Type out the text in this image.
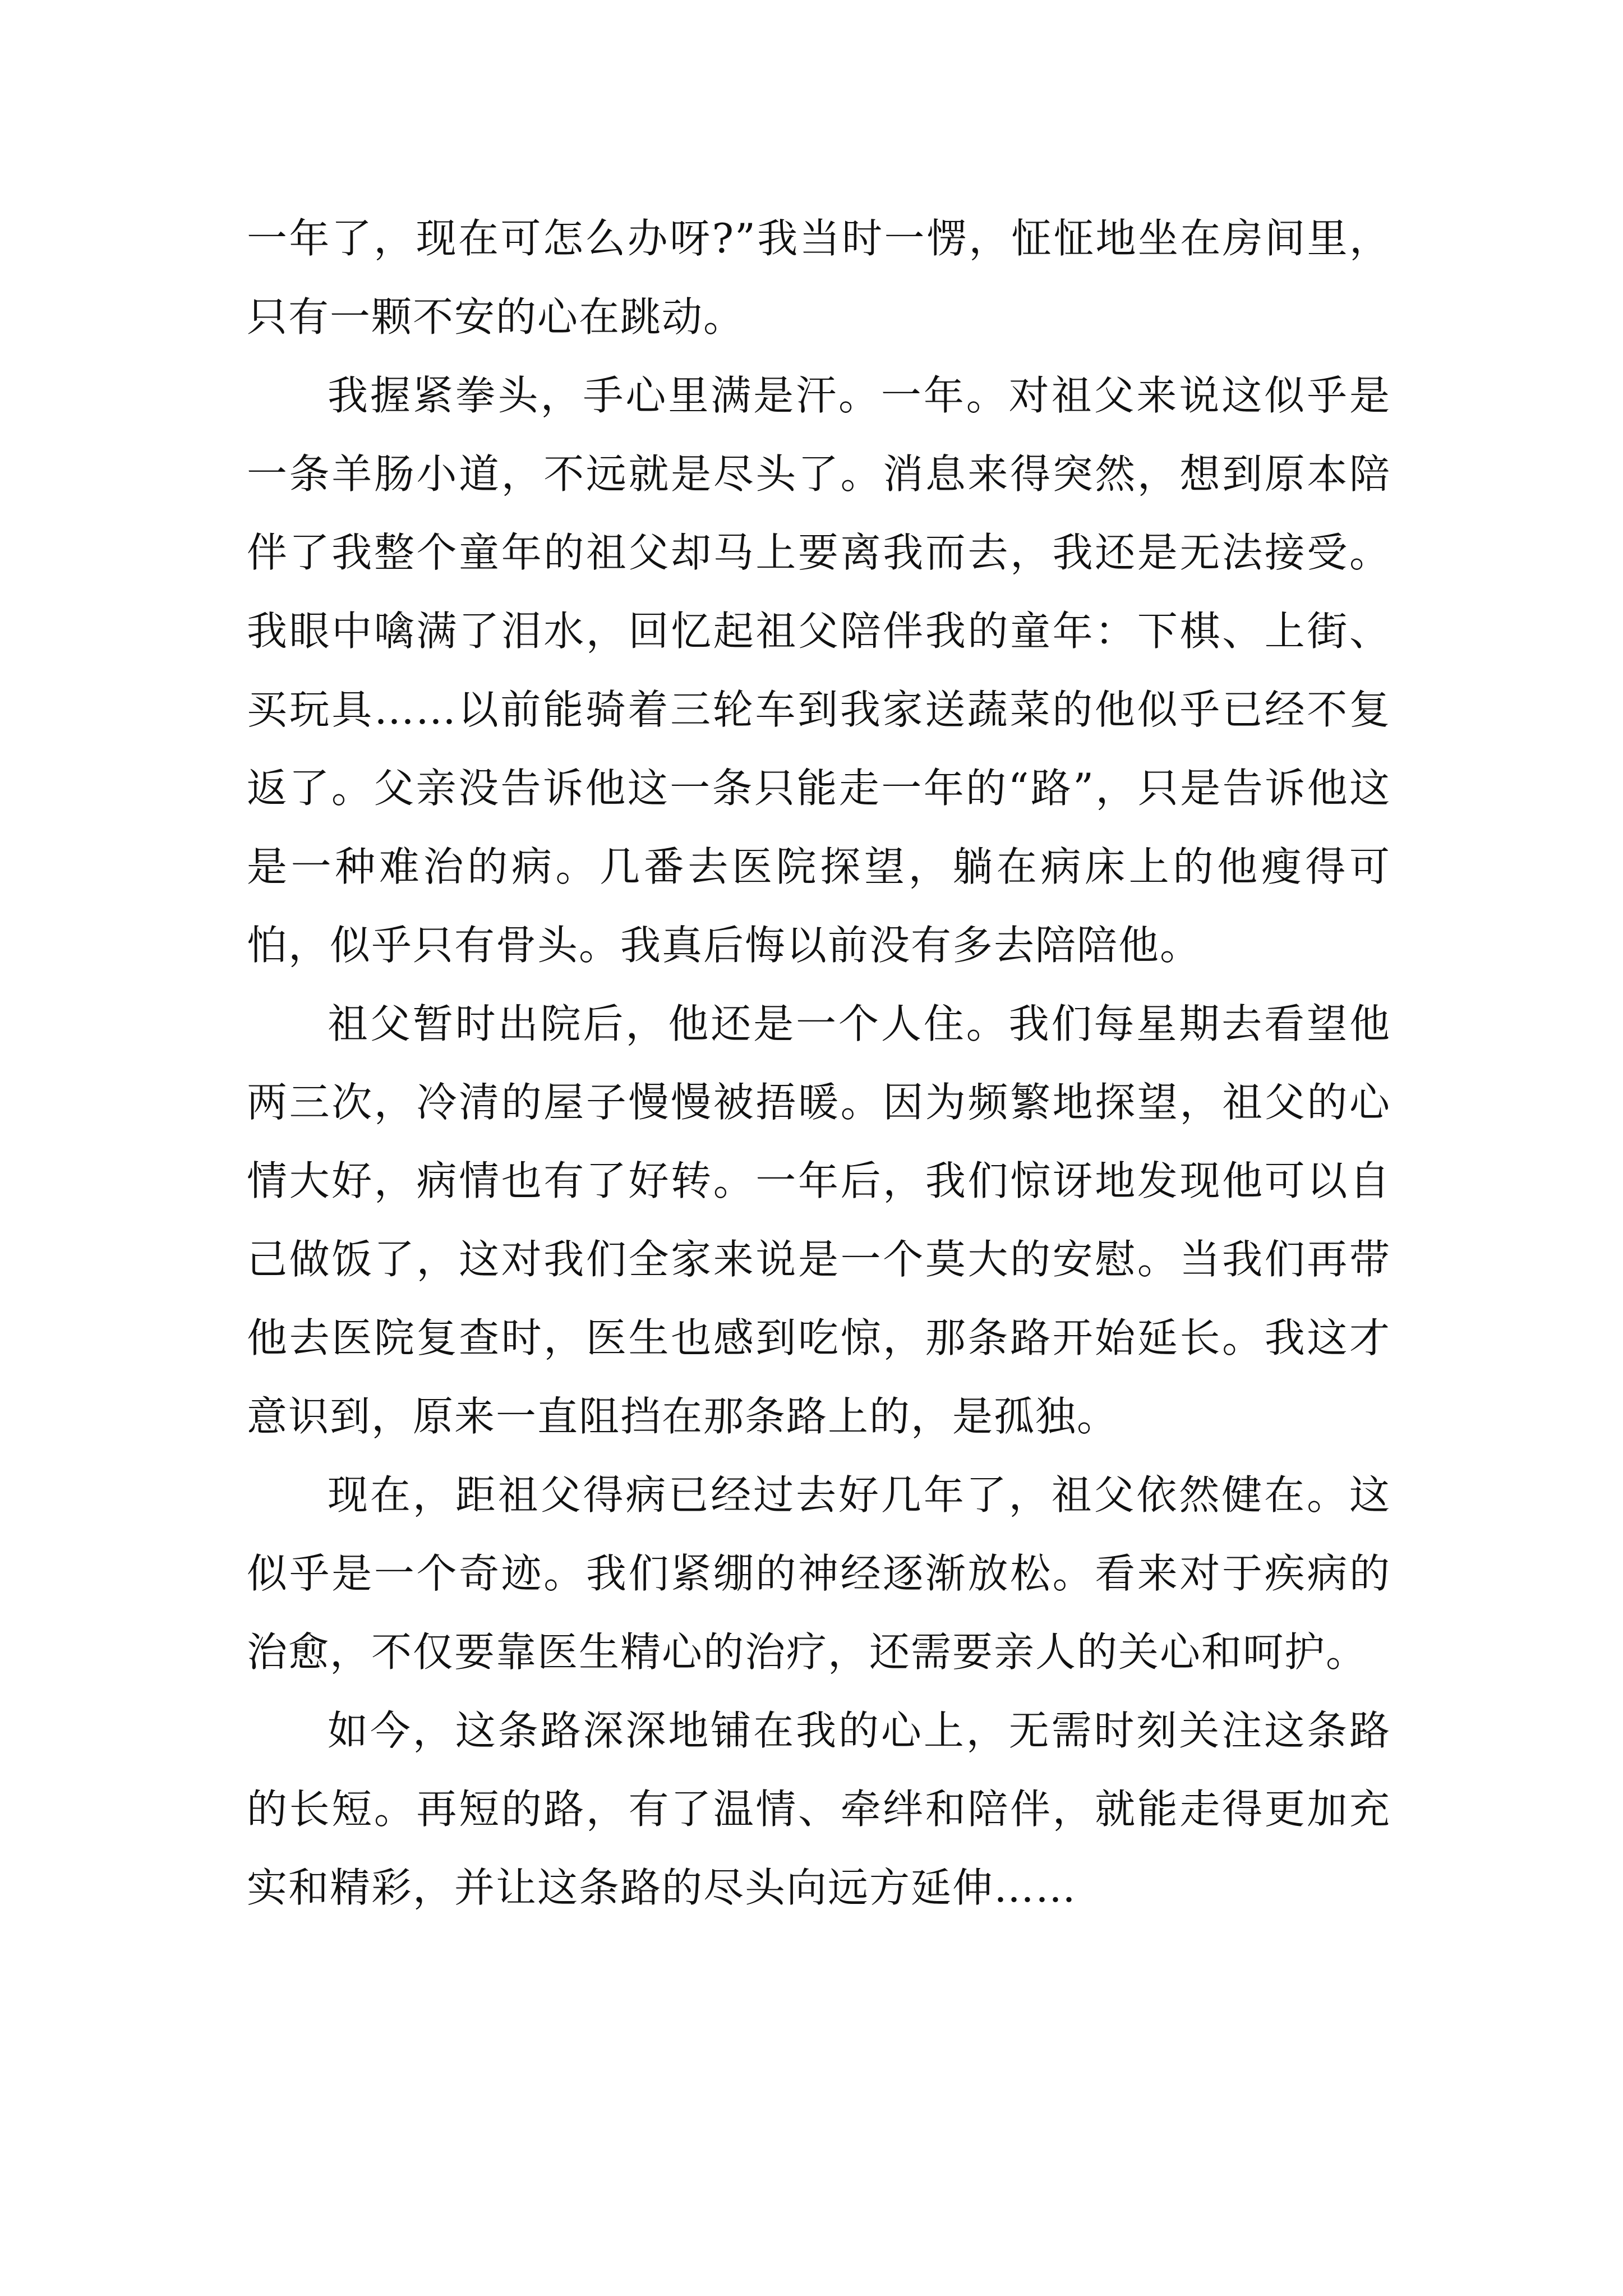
一年了，现在可怎么办呀?”我当时一愣，怔怔地坐在房间里，只有一颗不安的心在跳动。

我握紧拳头，手心里满是汗。一年。对祖父来说这似乎是一条羊肠小道，不远就是尽头了。消息来得突然，想到原本陪伴了我整个童年的祖父却马上要离我而去，我还是无法接受。我眼中噙满了泪水，回忆起祖父陪伴我的童年：下棋、上街、买玩具……以前能骑着三轮车到我家送蔬菜的他似乎已经不复返了。父亲没告诉他这一条只能走一年的“路”，只是告诉他这是一种难治的病。几番去医院探望，躺在病床上的他瘦得可怕，似乎只有骨头。我真后悔以前没有多去陪陪他。

祖父暂时出院后，他还是一个人住。我们每星期去看望他两三次，冷清的屋子慢慢被捂暖。因为频繁地探望，祖父的心情大好，病情也有了好转。一年后，我们惊讶地发现他可以自己做饭了，这对我们全家来说是一个莫大的安慰。当我们再带他去医院复查时，医生也感到吃惊，那条路开始延长。我这才意识到，原来一直阻挡在那条路上的，是孤独。

现在，距祖父得病已经过去好几年了，祖父依然健在。这似乎是一个奇迹。我们紧绷的神经逐渐放松。看来对于疾病的治愈，不仅要靠医生精心的治疗，还需要亲人的关心和呵护。

如今，这条路深深地铺在我的心上，无需时刻关注这条路的长短。再短的路，有了温情、牵绊和陪伴，就能走得更加充实和精彩，并让这条路的尽头向远方延伸……
